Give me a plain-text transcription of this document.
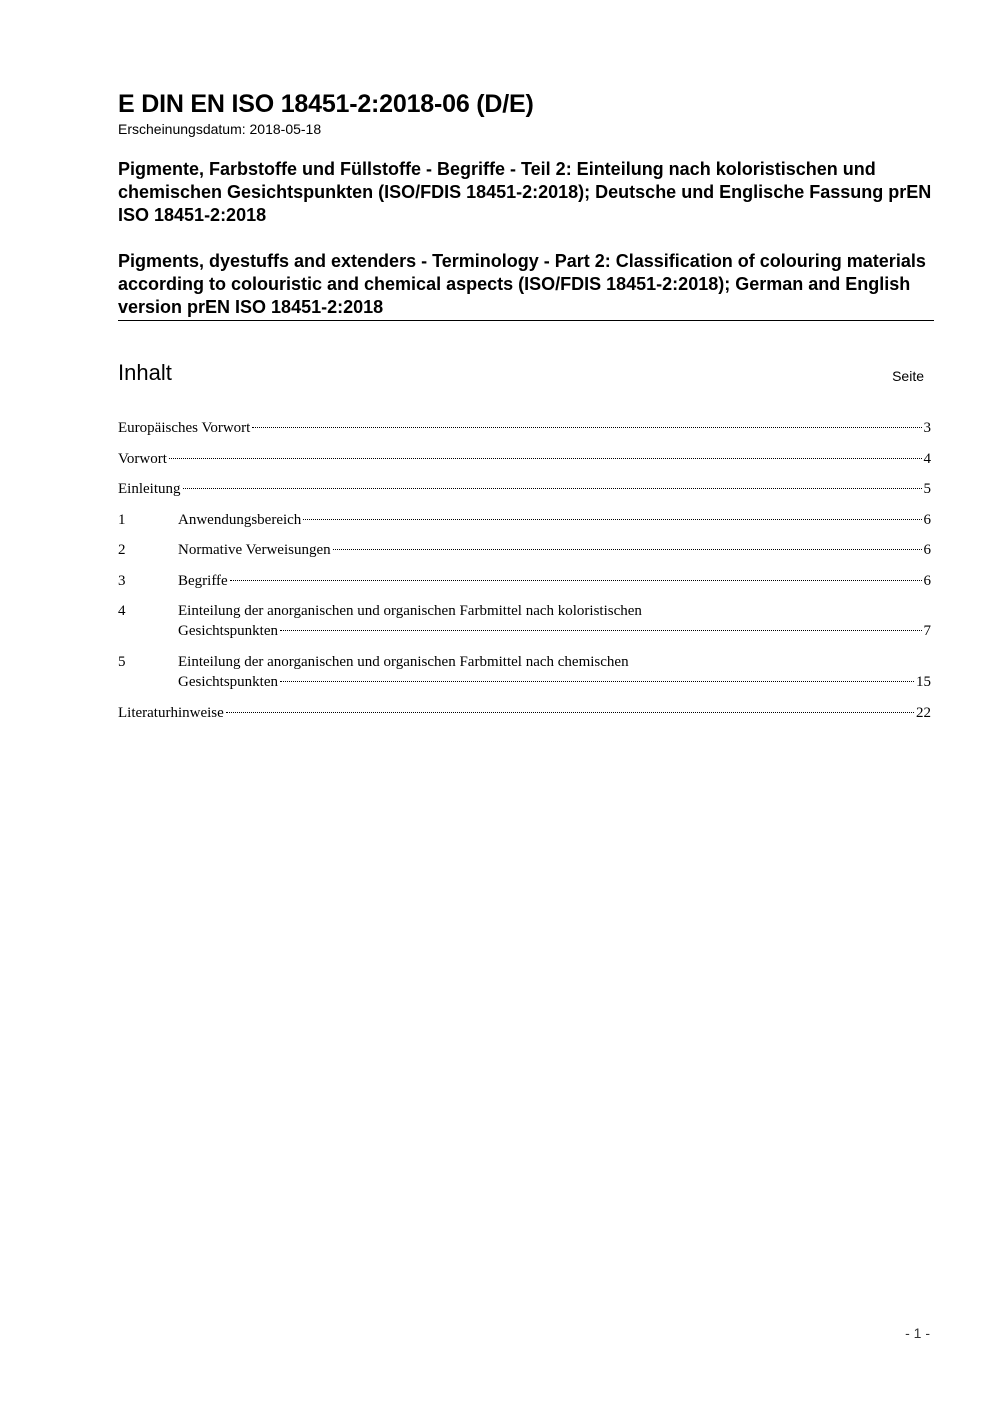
E DIN EN ISO 18451-2:2018-06 (D/E)
Erscheinungsdatum: 2018-05-18
Pigmente, Farbstoffe und Füllstoffe - Begriffe - Teil 2: Einteilung nach koloristischen und chemischen Gesichtspunkten (ISO/FDIS 18451-2:2018); Deutsche und Englische Fassung prEN ISO 18451-2:2018
Pigments, dyestuffs and extenders - Terminology - Part 2: Classification of colouring materials according to colouristic and chemical aspects (ISO/FDIS 18451-2:2018); German and English version prEN ISO 18451-2:2018
Inhalt	Seite
Europäisches Vorwort	3
Vorwort	4
Einleitung	5
1	Anwendungsbereich	6
2	Normative Verweisungen	6
3	Begriffe	6
4	Einteilung der anorganischen und organischen Farbmittel nach koloristischen
Gesichtspunkten	7
5	Einteilung der anorganischen und organischen Farbmittel nach chemischen
Gesichtspunkten	15
Literaturhinweise	22
- 1 -
